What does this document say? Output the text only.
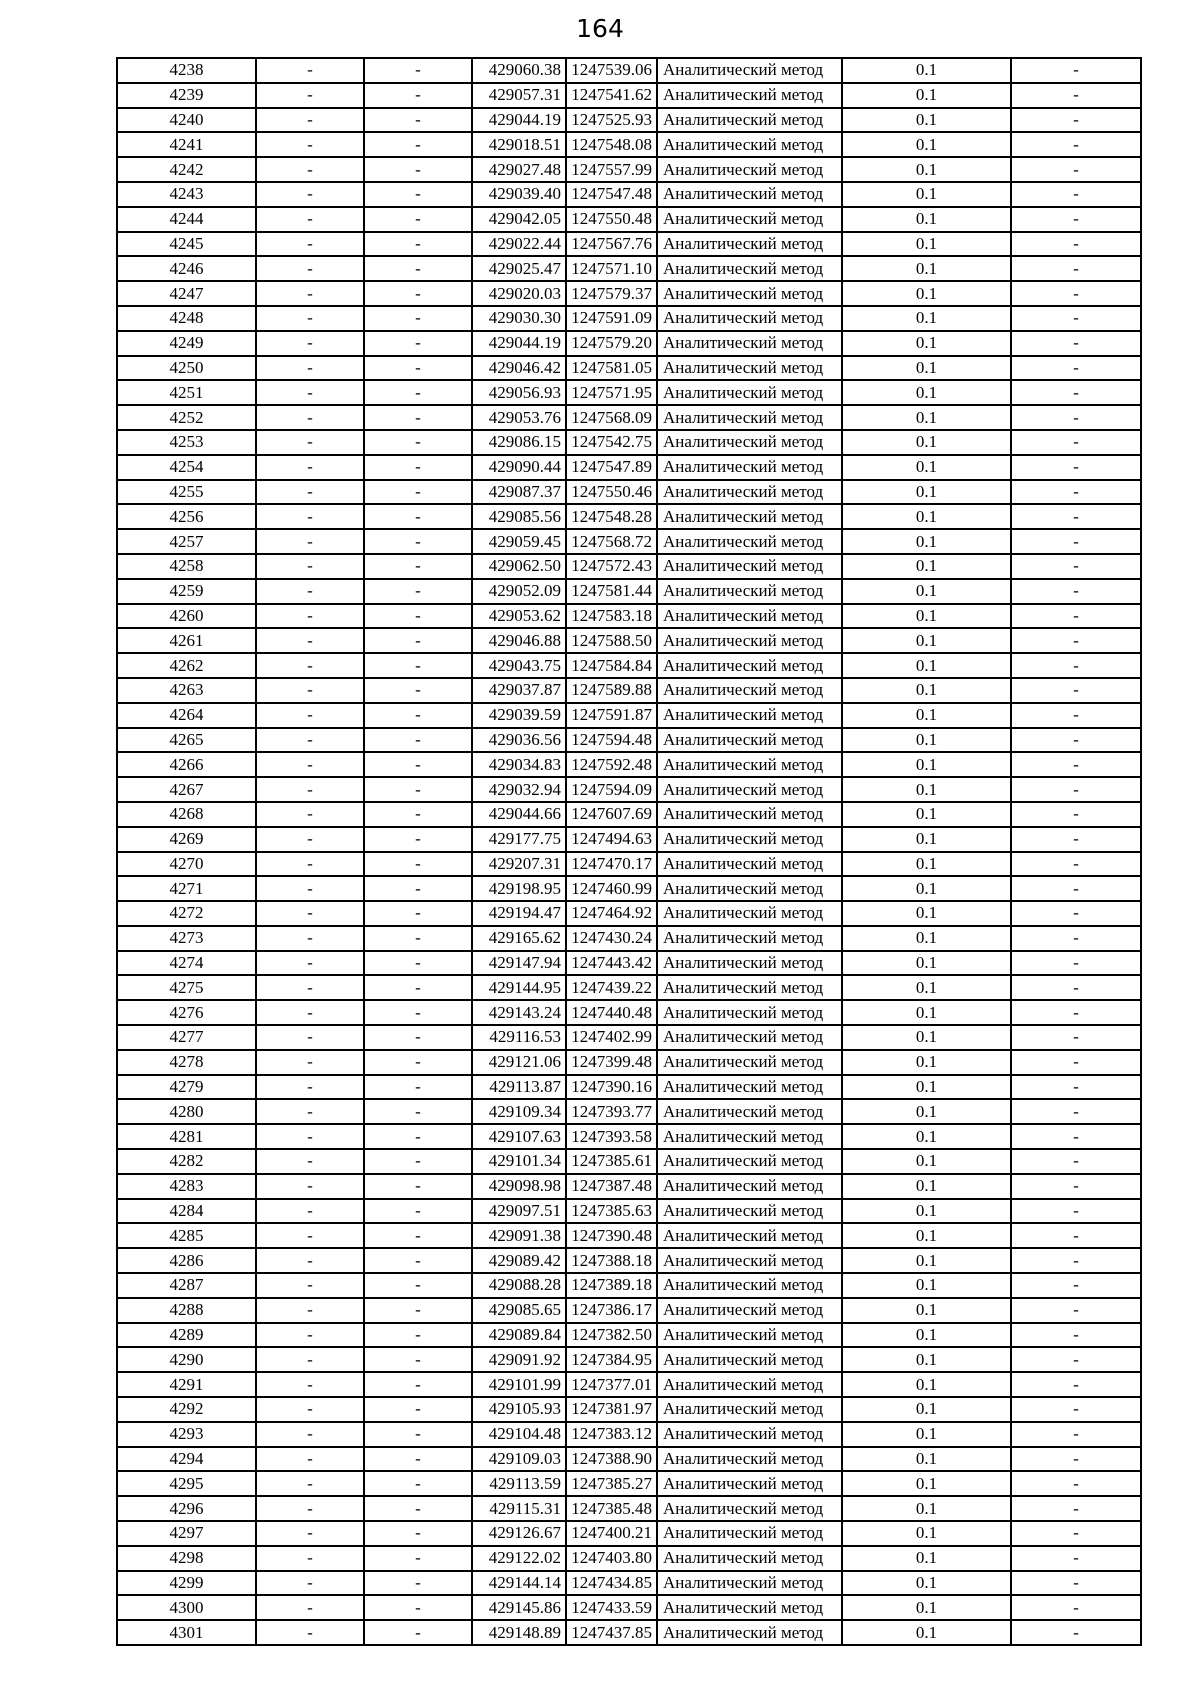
164
4238	-	-	429060.38	1247539.06	Аналитический метод	0.1	-
4239	-	-	429057.31	1247541.62	Аналитический метод	0.1	-
4240	-	-	429044.19	1247525.93	Аналитический метод	0.1	-
4241	-	-	429018.51	1247548.08	Аналитический метод	0.1	-
4242	-	-	429027.48	1247557.99	Аналитический метод	0.1	-
4243	-	-	429039.40	1247547.48	Аналитический метод	0.1	-
4244	-	-	429042.05	1247550.48	Аналитический метод	0.1	-
4245	-	-	429022.44	1247567.76	Аналитический метод	0.1	-
4246	-	-	429025.47	1247571.10	Аналитический метод	0.1	-
4247	-	-	429020.03	1247579.37	Аналитический метод	0.1	-
4248	-	-	429030.30	1247591.09	Аналитический метод	0.1	-
4249	-	-	429044.19	1247579.20	Аналитический метод	0.1	-
4250	-	-	429046.42	1247581.05	Аналитический метод	0.1	-
4251	-	-	429056.93	1247571.95	Аналитический метод	0.1	-
4252	-	-	429053.76	1247568.09	Аналитический метод	0.1	-
4253	-	-	429086.15	1247542.75	Аналитический метод	0.1	-
4254	-	-	429090.44	1247547.89	Аналитический метод	0.1	-
4255	-	-	429087.37	1247550.46	Аналитический метод	0.1	-
4256	-	-	429085.56	1247548.28	Аналитический метод	0.1	-
4257	-	-	429059.45	1247568.72	Аналитический метод	0.1	-
4258	-	-	429062.50	1247572.43	Аналитический метод	0.1	-
4259	-	-	429052.09	1247581.44	Аналитический метод	0.1	-
4260	-	-	429053.62	1247583.18	Аналитический метод	0.1	-
4261	-	-	429046.88	1247588.50	Аналитический метод	0.1	-
4262	-	-	429043.75	1247584.84	Аналитический метод	0.1	-
4263	-	-	429037.87	1247589.88	Аналитический метод	0.1	-
4264	-	-	429039.59	1247591.87	Аналитический метод	0.1	-
4265	-	-	429036.56	1247594.48	Аналитический метод	0.1	-
4266	-	-	429034.83	1247592.48	Аналитический метод	0.1	-
4267	-	-	429032.94	1247594.09	Аналитический метод	0.1	-
4268	-	-	429044.66	1247607.69	Аналитический метод	0.1	-
4269	-	-	429177.75	1247494.63	Аналитический метод	0.1	-
4270	-	-	429207.31	1247470.17	Аналитический метод	0.1	-
4271	-	-	429198.95	1247460.99	Аналитический метод	0.1	-
4272	-	-	429194.47	1247464.92	Аналитический метод	0.1	-
4273	-	-	429165.62	1247430.24	Аналитический метод	0.1	-
4274	-	-	429147.94	1247443.42	Аналитический метод	0.1	-
4275	-	-	429144.95	1247439.22	Аналитический метод	0.1	-
4276	-	-	429143.24	1247440.48	Аналитический метод	0.1	-
4277	-	-	429116.53	1247402.99	Аналитический метод	0.1	-
4278	-	-	429121.06	1247399.48	Аналитический метод	0.1	-
4279	-	-	429113.87	1247390.16	Аналитический метод	0.1	-
4280	-	-	429109.34	1247393.77	Аналитический метод	0.1	-
4281	-	-	429107.63	1247393.58	Аналитический метод	0.1	-
4282	-	-	429101.34	1247385.61	Аналитический метод	0.1	-
4283	-	-	429098.98	1247387.48	Аналитический метод	0.1	-
4284	-	-	429097.51	1247385.63	Аналитический метод	0.1	-
4285	-	-	429091.38	1247390.48	Аналитический метод	0.1	-
4286	-	-	429089.42	1247388.18	Аналитический метод	0.1	-
4287	-	-	429088.28	1247389.18	Аналитический метод	0.1	-
4288	-	-	429085.65	1247386.17	Аналитический метод	0.1	-
4289	-	-	429089.84	1247382.50	Аналитический метод	0.1	-
4290	-	-	429091.92	1247384.95	Аналитический метод	0.1	-
4291	-	-	429101.99	1247377.01	Аналитический метод	0.1	-
4292	-	-	429105.93	1247381.97	Аналитический метод	0.1	-
4293	-	-	429104.48	1247383.12	Аналитический метод	0.1	-
4294	-	-	429109.03	1247388.90	Аналитический метод	0.1	-
4295	-	-	429113.59	1247385.27	Аналитический метод	0.1	-
4296	-	-	429115.31	1247385.48	Аналитический метод	0.1	-
4297	-	-	429126.67	1247400.21	Аналитический метод	0.1	-
4298	-	-	429122.02	1247403.80	Аналитический метод	0.1	-
4299	-	-	429144.14	1247434.85	Аналитический метод	0.1	-
4300	-	-	429145.86	1247433.59	Аналитический метод	0.1	-
4301	-	-	429148.89	1247437.85	Аналитический метод	0.1	-
